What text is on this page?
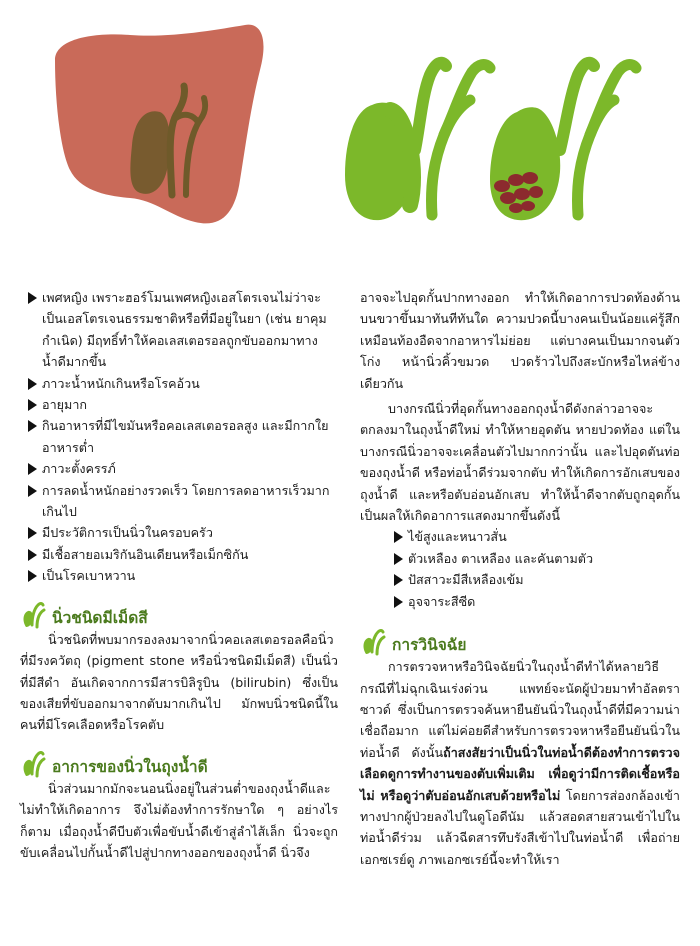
เพศหญิง เพราะฮอร์โมนเพศหญิงเอสโตรเจนไม่ว่าจะเป็นเอสโตรเจนธรรมชาติหรือที่มีอยู่ในยา (เช่น ยาคุมกำเนิด) มีฤทธิ์ทำให้คอเลสเตอรอลถูกขับออกมาทางน้ำดีมากขึ้น
ภาวะน้ำหนักเกินหรือโรคอ้วน
อายุมาก
กินอาหารที่มีไขมันหรือคอเลสเตอรอลสูง และมีกากใยอาหารต่ำ
ภาวะตั้งครรภ์
การลดน้ำหนักอย่างรวดเร็ว โดยการลดอาหารเร็วมากเกินไป
มีประวัติการเป็นนิ่วในครอบครัว
มีเชื้อสายอเมริกันอินเดียนหรือเม็กซิกัน
เป็นโรคเบาหวาน
นิ่วชนิดมีเม็ดสี

นิ่วชนิดที่พบมากรองลงมาจากนิ่วคอเลสเตอรอลคือนิ่วที่มีรงควัตถุ (pigment stone หรือนิ่วชนิดมีเม็ดสี) เป็นนิ่วที่มีสีดำ อันเกิดจากการมีสารบิลิรูบิน (bilirubin) ซึ่งเป็นของเสียที่ขับออกมาจากตับมากเกินไป มักพบนิ่วชนิดนี้ในคนที่มีโรคเลือดหรือโรคตับ

อาการของนิ่วในถุงน้ำดี

นิ่วส่วนมากมักจะนอนนิ่งอยู่ในส่วนต่ำของถุงน้ำดีและไม่ทำให้เกิดอาการ จึงไม่ต้องทำการรักษาใด ๆ อย่างไรก็ตาม เมื่อถุงน้ำดีบีบตัวเพื่อขับน้ำดีเข้าสู่ลำไส้เล็ก นิ่วจะถูกขับเคลื่อนไปกั้นน้ำดีไปสู่ปากทางออกของถุงน้ำดี นิ่วจึง

อาจจะไปอุดกั้นปากทางออก ทำให้เกิดอาการปวดท้องด้านบนขวาขึ้นมาทันทีทันใด ความปวดนี้บางคนเป็นน้อยแค่รู้สึกเหมือนท้องอืดจากอาหารไม่ย่อย แต่บางคนเป็นมากจนตัวโก่ง หน้านิ่วคิ้วขมวด ปวดร้าวไปถึงสะบักหรือไหล่ข้างเดียวกัน

บางกรณีนิ่วที่อุดกั้นทางออกถุงน้ำดีดังกล่าวอาจจะตกลงมาในถุงน้ำดีใหม่ ทำให้หายอุดตัน หายปวดท้อง แต่ในบางกรณีนิ่วอาจจะเคลื่อนตัวไปมากกว่านั้น และไปอุดตันท่อของถุงน้ำดี หรือท่อน้ำดีร่วมจากตับ ทำให้เกิดการอักเสบของถุงน้ำดี และหรือตับอ่อนอักเสบ ทำให้น้ำดีจากตับถูกอุดกั้น เป็นผลให้เกิดอาการแสดงมากขึ้นดังนี้

ไข้สูงและหนาวสั่น
ตัวเหลือง ตาเหลือง และคันตามตัว
ปัสสาวะมีสีเหลืองเข้ม
อุจจาระสีซีด
การวินิจฉัย

การตรวจหาหรือวินิจฉัยนิ่วในถุงน้ำดีทำได้หลายวิธี กรณีที่ไม่ฉุกเฉินเร่งด่วน แพทย์จะนัดผู้ป่วยมาทำอัลตราซาวด์ ซึ่งเป็นการตรวจค้นหายืนยันนิ่วในถุงน้ำดีที่มีความน่าเชื่อถือมาก แต่ไม่ค่อยดีสำหรับการตรวจหาหรือยืนยันนิ่วในท่อน้ำดี ดังนั้นถ้าสงสัยว่าเป็นนิ่วในท่อน้ำดีต้องทำการตรวจเลือดดูการทำงานของตับเพิ่มเติม เพื่อดูว่ามีการติดเชื้อหรือไม่ หรือดูว่าตับอ่อนอักเสบด้วยหรือไม่ โดยการส่องกล้องเข้าทางปากผู้ป่วยลงไปในดูโอดีนัม แล้วสอดสายสวนเข้าไปในท่อน้ำดีร่วม แล้วฉีดสารทึบรังสีเข้าไปในท่อน้ำดี เพื่อถ่ายเอกซเรย์ดู ภาพเอกซเรย์นี้จะทำให้เรา
